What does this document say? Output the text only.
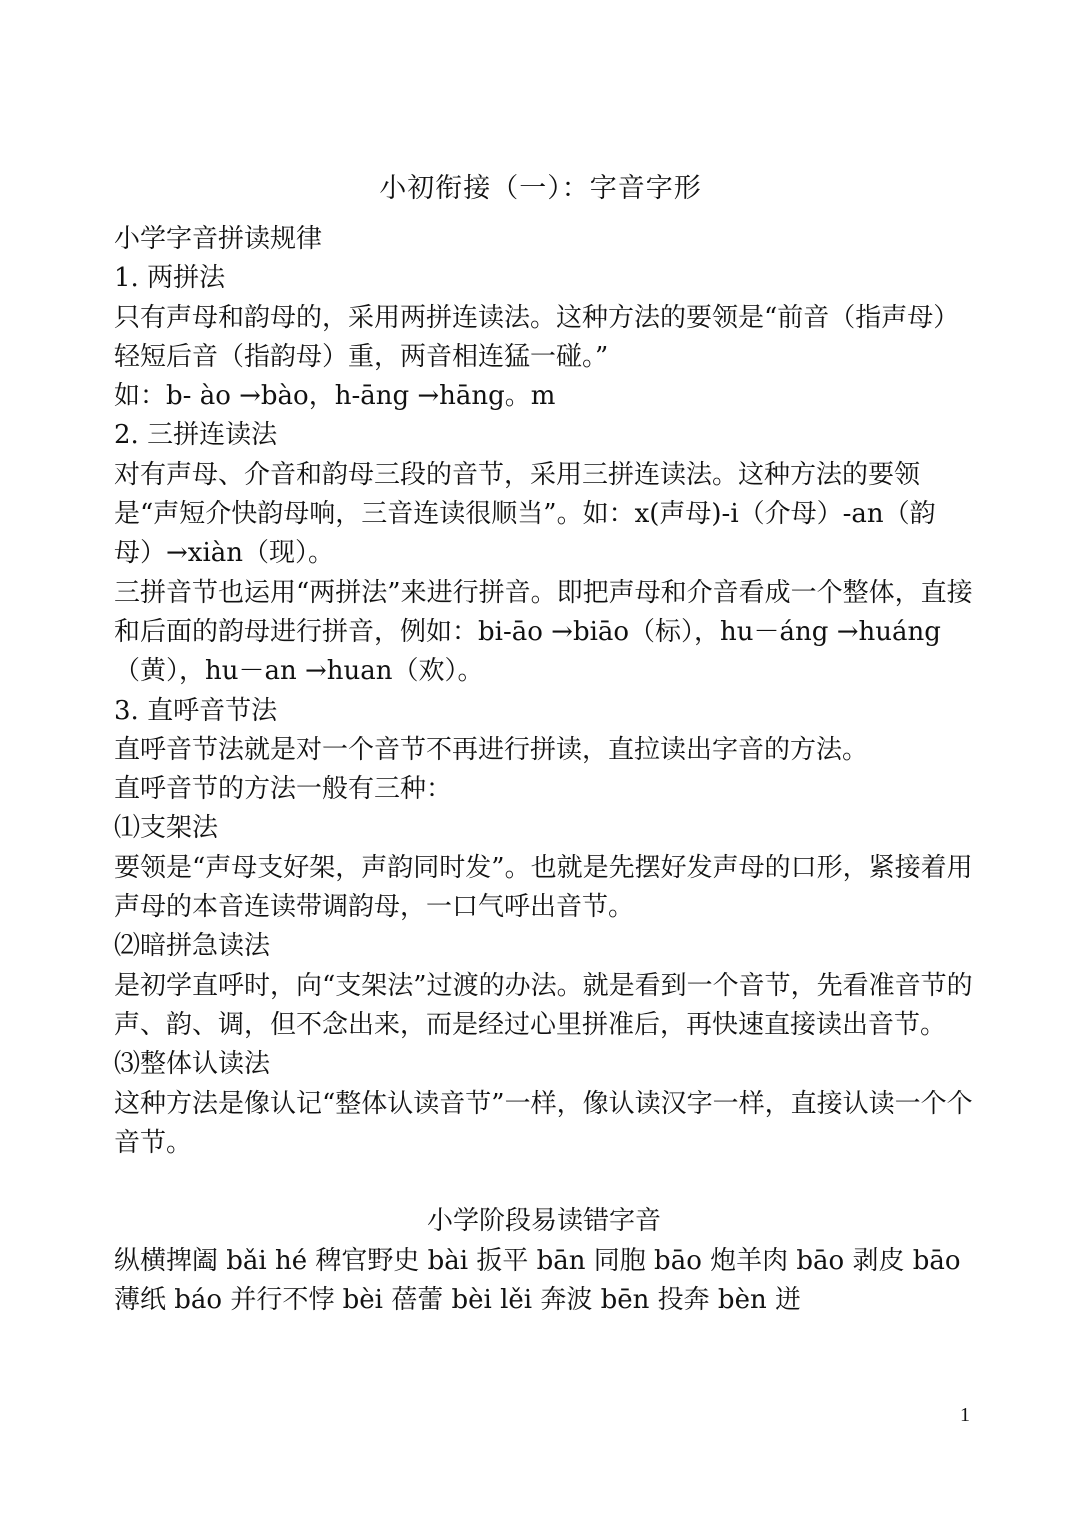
小初衔接（一）：字音字形

小学字音拼读规律

1. 两拼法

只有声母和韵母的，采用两拼连读法。这种方法的要领是“前音（指声母）轻短后音（指韵母）重，两音相连猛一碰。”

如：b- ào →bào，h-āng →hāng。m

2. 三拼连读法

对有声母、介音和韵母三段的音节，采用三拼连读法。这种方法的要领是“声短介快韵母响，三音连读很顺当”。如：x(声母)-i（介母）-an（韵母）→xiàn（现）。

三拼音节也运用“两拼法”来进行拼音。即把声母和介音看成一个整体，直接和后面的韵母进行拼音，例如：bi-āo →biāo（标），hu－áng →huáng（黄），hu－an →huan（欢）。

3. 直呼音节法

直呼音节法就是对一个音节不再进行拼读，直拉读出字音的方法。

直呼音节的方法一般有三种：

⑴支架法

要领是“声母支好架，声韵同时发”。也就是先摆好发声母的口形，紧接着用声母的本音连读带调韵母，一口气呼出音节。

⑵暗拼急读法

是初学直呼时，向“支架法”过渡的办法。就是看到一个音节，先看准音节的声、韵、调，但不念出来，而是经过心里拼准后，再快速直接读出音节。

⑶整体认读法

这种方法是像认记“整体认读音节”一样，像认读汉字一样，直接认读一个个音节。

小学阶段易读错字音

纵横捭阖 bǎi hé 稗官野史 bài 扳平 bān 同胞 bāo 炮羊肉 bāo 剥皮 bāo 薄纸 báo 并行不悖 bèi 蓓蕾 bèi lěi 奔波 bēn 投奔 bèn 迸

1
